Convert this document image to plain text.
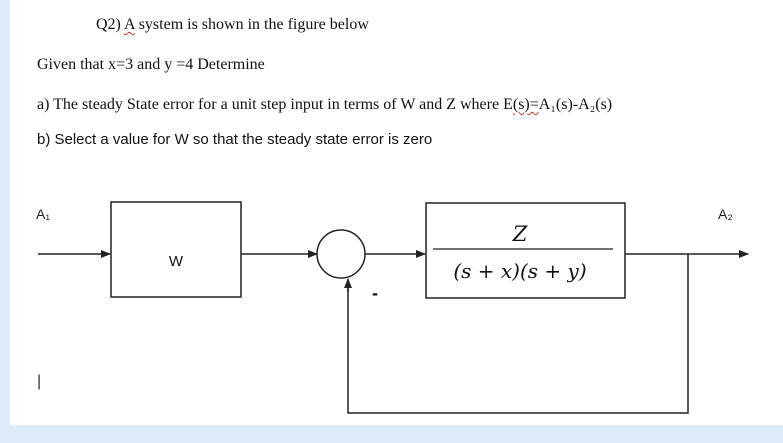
Q2) A system is shown in the figure below
Given that x=3 and y =4 Determine
a) The steady State error for a unit step input in terms of W and Z where E(s)=A₁(s)-A₂(s)
b) Select a value for W so that the steady state error is zero
A₁
W
Z
(s + x)(s + y)
A₂
-
|
